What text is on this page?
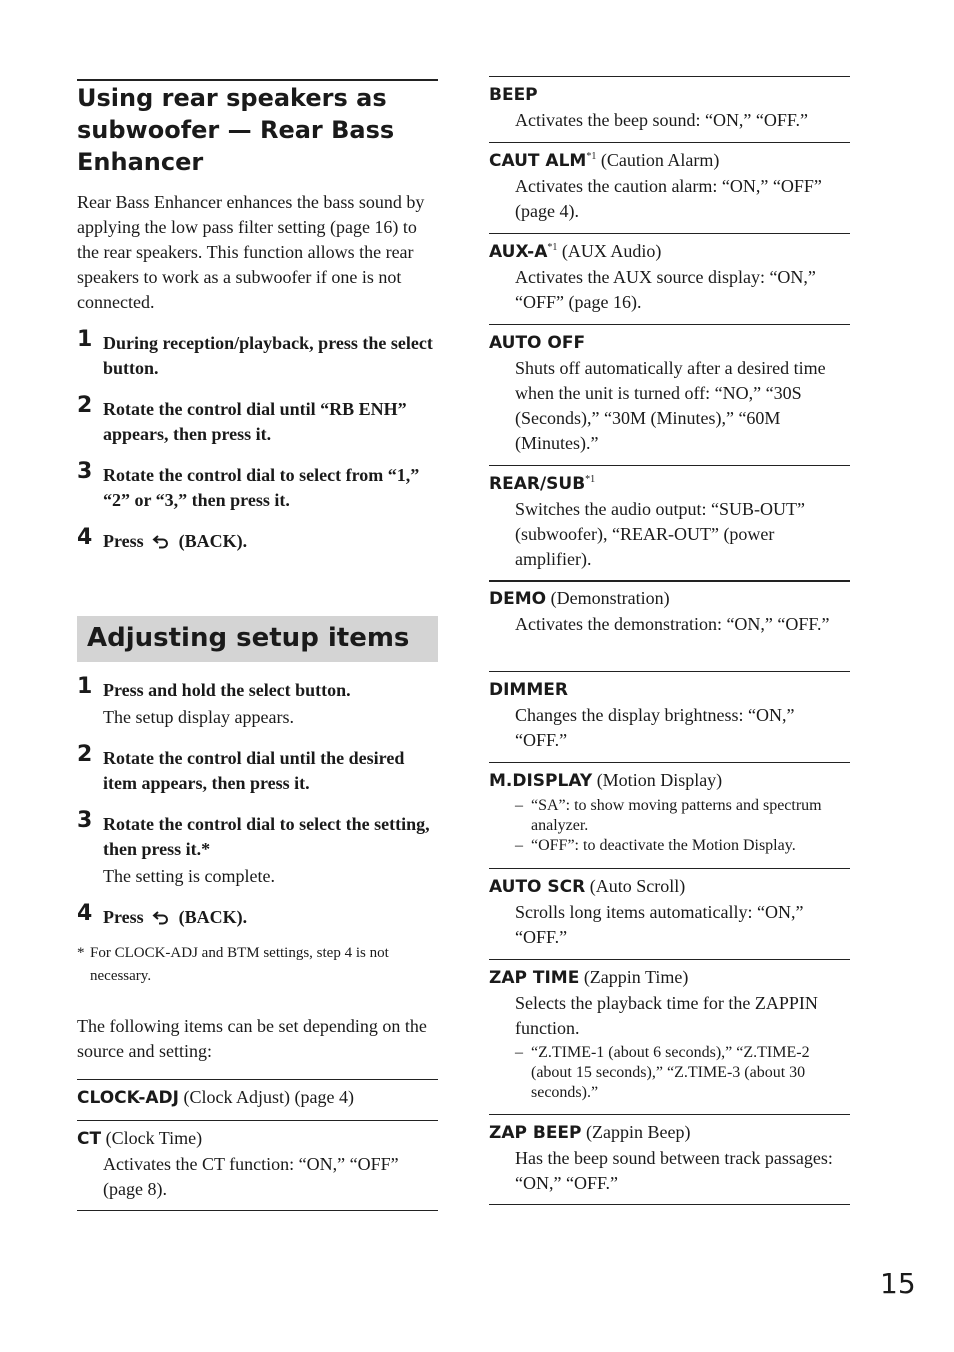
Using rear speakers as subwoofer — Rear Bass Enhancer

Rear Bass Enhancer enhances the bass sound by applying the low pass filter setting (page 16) to the rear speakers. This function allows the rear speakers to work as a subwoofer if one is not connected.

1 During reception/playback, press the select button.
2 Rotate the control dial until “RB ENH” appears, then press it.
3 Rotate the control dial to select from “1,” “2” or “3,” then press it.
4 Press (BACK).
Adjusting setup items
1 Press and hold the select button.
The setup display appears.
2 Rotate the control dial until the desired item appears, then press it.
3 Rotate the control dial to select the setting, then press it.*
The setting is complete.
4 Press (BACK).
* For CLOCK-ADJ and BTM settings, step 4 is not necessary.

The following items can be set depending on the source and setting:

CLOCK-ADJ (Clock Adjust) (page 4)
CT (Clock Time)
Activates the CT function: “ON,” “OFF” (page 8).
BEEP
Activates the beep sound: “ON,” “OFF.”
CAUT ALM$^{*1}$ (Caution Alarm)
Activates the caution alarm: “ON,” “OFF” (page 4).
AUX-$A^{*1}$ (AUX Audio)
Activates the AUX source display: “ON,” “OFF” (page 16).
AUTO OFF
Shuts off automatically after a desired time when the unit is turned off: “NO,” “30S (Seconds),” “30M (Minutes),” “60M (Minutes).”
REAR/SUB$^{*1}$
Switches the audio output: “SUB-OUT” (subwoofer), “REAR-OUT” (power amplifier).
DEMO (Demonstration)
Activates the demonstration: “ON,” “OFF.”
DIMMER
Changes the display brightness: “ON,” “OFF.”
M.DISPLAY (Motion Display)
– “SA”: to show moving patterns and spectrum analyzer.
– “OFF”: to deactivate the Motion Display.
AUTO SCR (Auto Scroll)
Scrolls long items automatically: “ON,” “OFF.”
ZAP TIME (Zappin Time)
Selects the playback time for the ZAPPIN function.
– “Z.TIME-1 (about 6 seconds),” “Z.TIME-2 (about 15 seconds),” “Z.TIME-3 (about 30 seconds).”
ZAP BEEP (Zappin Beep)
Has the beep sound between track passages: “ON,” “OFF.”
15
